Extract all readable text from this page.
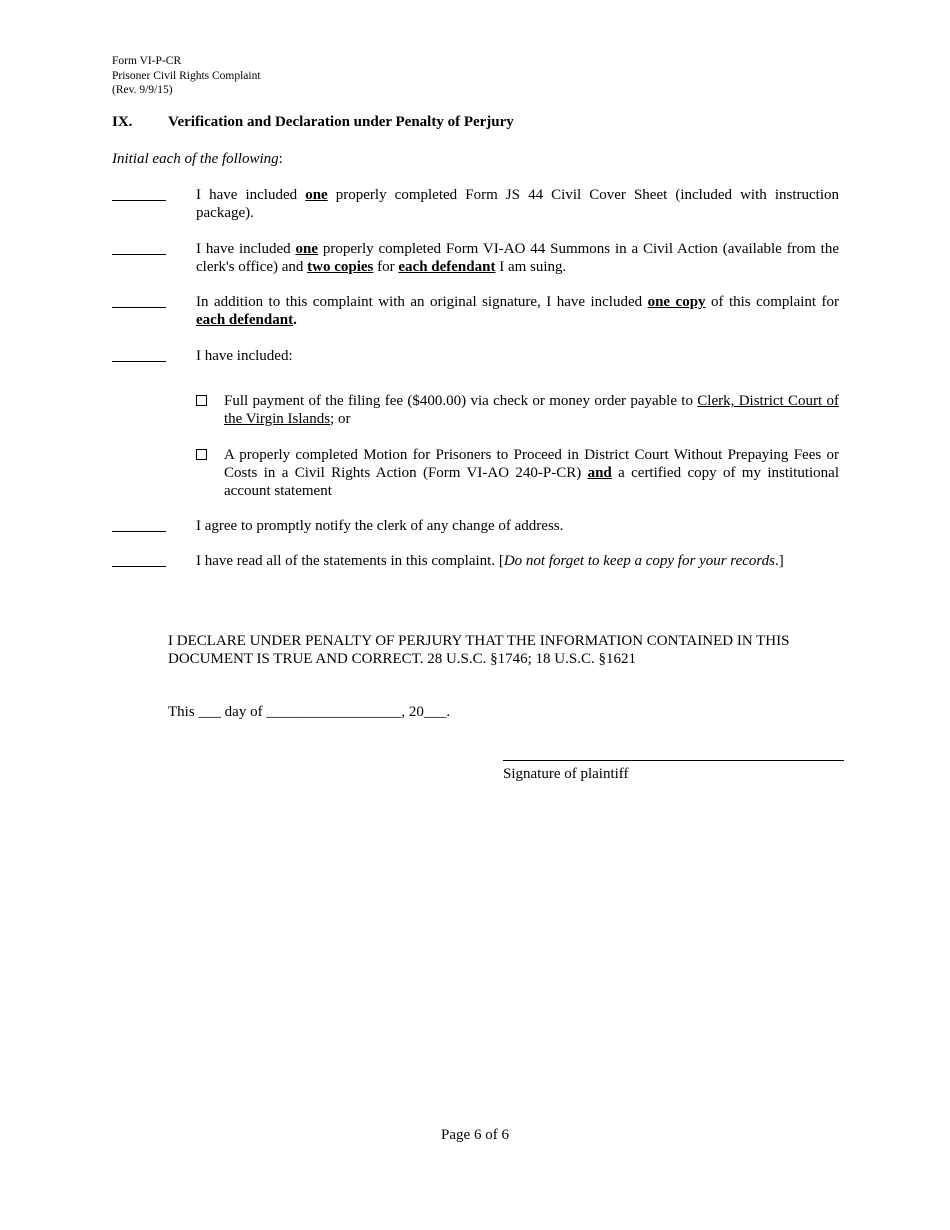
Form VI-P-CR
Prisoner Civil Rights Complaint
(Rev. 9/9/15)
IX. Verification and Declaration under Penalty of Perjury
Initial each of the following:
I have included one properly completed Form JS 44 Civil Cover Sheet (included with instruction package).
I have included one properly completed Form VI-AO 44 Summons in a Civil Action (available from the clerk's office) and two copies for each defendant I am suing.
In addition to this complaint with an original signature, I have included one copy of this complaint for each defendant.
I have included:
Full payment of the filing fee ($400.00) via check or money order payable to Clerk, District Court of the Virgin Islands; or
A properly completed Motion for Prisoners to Proceed in District Court Without Prepaying Fees or Costs in a Civil Rights Action (Form VI-AO 240-P-CR) and a certified copy of my institutional account statement
I agree to promptly notify the clerk of any change of address.
I have read all of the statements in this complaint. [Do not forget to keep a copy for your records.]
I DECLARE UNDER PENALTY OF PERJURY THAT THE INFORMATION CONTAINED IN THIS DOCUMENT IS TRUE AND CORRECT. 28 U.S.C. §1746; 18 U.S.C. §1621
This ___ day of __________________, 20___.
Signature of plaintiff
Page 6 of 6
